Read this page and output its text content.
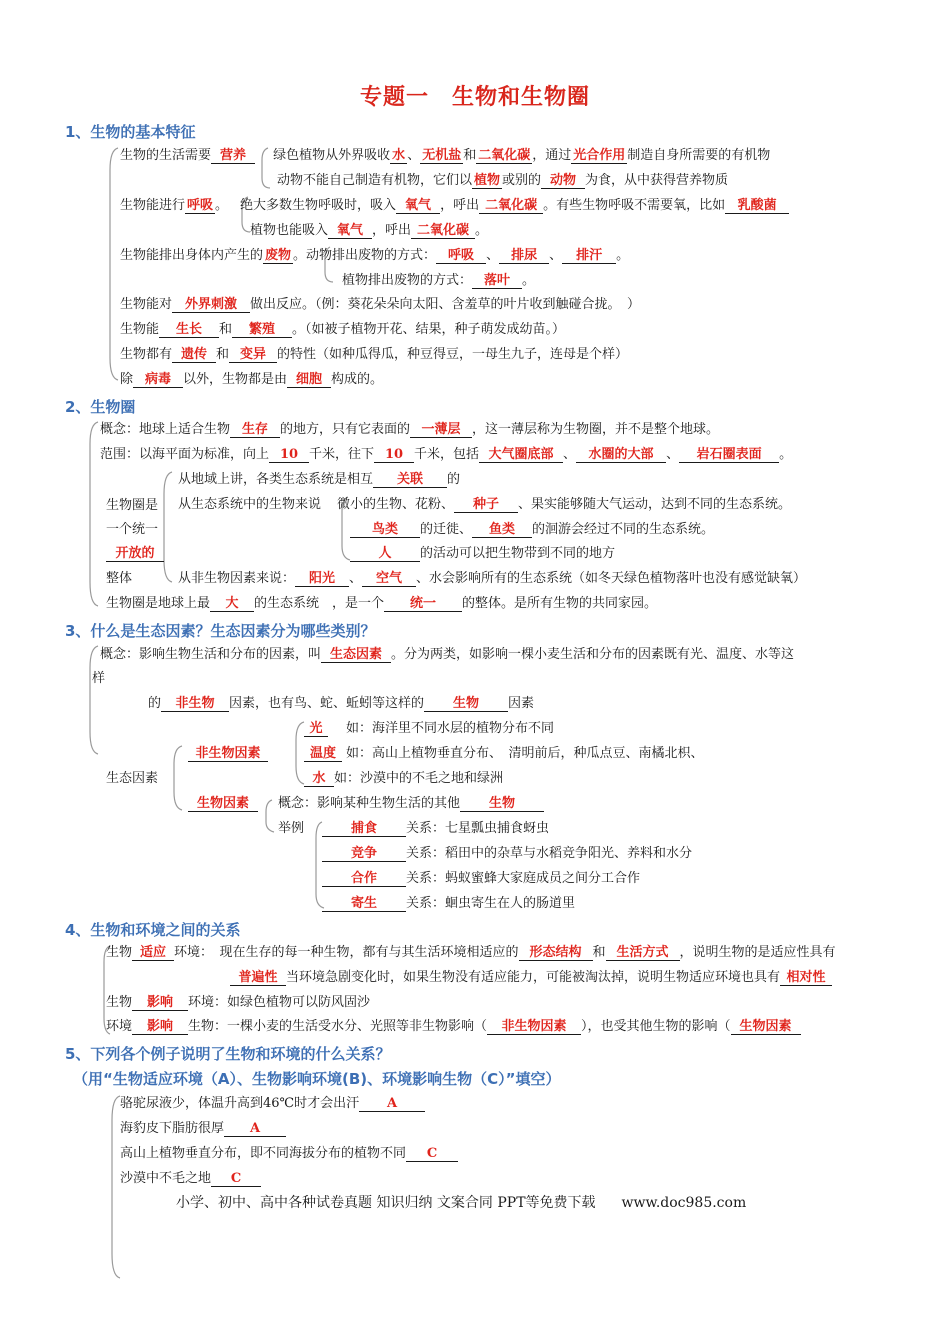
专题一　生物和生物圈
1、生物的基本特征
生物的生活需要 营养 绿色植物从外界吸收 水 、 无机盐 和 二氧化碳 ，通过 光合作用 制造自身所需要的有机物
动物不能自己制造有机物，它们以 植物 或别的 动物 为食，从中获得营养物质
生物能进行 呼吸 。 绝大多数生物呼吸时，吸入 氧气 ，呼出 二氧化碳 。有些生物呼吸不需要氧，比如 乳酸菌
植物也能吸入 氧气 ，呼出 二氧化碳 。
生物能排出身体内产生的 废物 。动物排出废物的方式： 呼吸 、 排尿 、 排汗 。
植物排出废物的方式： 落叶 。
生物能对 外界刺激 做出反应。（例：葵花朵朵向太阳、含羞草的叶片收到触碰合拢。　）
生物能 生长 和 繁殖 。（如被子植物开花、结果，种子萌发成幼苗。）
生物都有 遗传 和 变异 的特性（如种瓜得瓜，种豆得豆，一母生九子，连母是个样）
除 病毒 以外，生物都是由 细胞 构成的。
2、生物圈
概念：地球上适合生物 生存 的地方，只有它表面的 一薄层 ，这一薄层称为生物圈，并不是整个地球。
范围：以海平面为标准，向上 10 千米，往下 10 千米，包括 大气圈底部 、 水圈的大部 、 岩石圈表面 。
生物圈是
一个统一
开放的
整体
从地域上讲，各类生态系统是相互 关联 的
从生态系统中的生物来说 微小的生物、花粉、 种子 、果实能够随大气运动，达到不同的生态系统。
鸟类 的迁徙、 鱼类 的洄游会经过不同的生态系统。
人 的活动可以把生物带到不同的地方
从非生物因素来说： 阳光 、 空气 、水会影响所有的生态系统（如冬天绿色植物落叶也没有感觉缺氧）
生物圈是地球上最 大 的生态系统　，是一个 统一 的整体。是所有生物的共同家园。
3、什么是生态因素？生态因素分为哪些类别？
概念：影响生物生活和分布的因素，叫 生态因素 。分为两类，如影响一棵小麦生活和分布的因素既有光、温度、水等这
样
的 非生物 因素，也有鸟、蛇、蚯蚓等这样的 生物 因素
生态因素
非生物因素
光 如：海洋里不同水层的植物分布不同
温度 如：高山上植物垂直分布、　清明前后，种瓜点豆、南橘北枳、
水 如：沙漠中的不毛之地和绿洲
生物因素	概念：影响某种生物生活的其他 生物
举例	捕食 关系：七星瓢虫捕食蚜虫
竞争 关系：稻田中的杂草与水稻竞争阳光、养料和水分
合作 关系：蚂蚁蜜蜂大家庭成员之间分工合作
寄生 关系：蛔虫寄生在人的肠道里
4、生物和环境之间的关系
生物 适应 环境：　现在生存的每一种生物，都有与其生活环境相适应的 形态结构 和 生活方式 ，说明生物的是适应性具有
普遍性 当环境急剧变化时，如果生物没有适应能力，可能被淘汰掉，说明生物适应环境也具有 相对性
生物 影响 环境：如绿色植物可以防风固沙
环境 影响 生物：一棵小麦的生活受水分、光照等非生物影响（ 非生物因素 ），也受其他生物的影响（ 生物因素
5、下列各个例子说明了生物和环境的什么关系？
（用“生物适应环境（A）、生物影响环境(B)、环境影响生物（C）”填空）
骆驼尿液少，体温升高到46℃时才会出汗 A
海豹皮下脂肪很厚 A
高山上植物垂直分布，即不同海拔分布的植物不同 C
沙漠中不毛之地 C
小学、初中、高中各种试卷真题 知识归纳 文案合同 PPT等免费下载 www.doc985.com
